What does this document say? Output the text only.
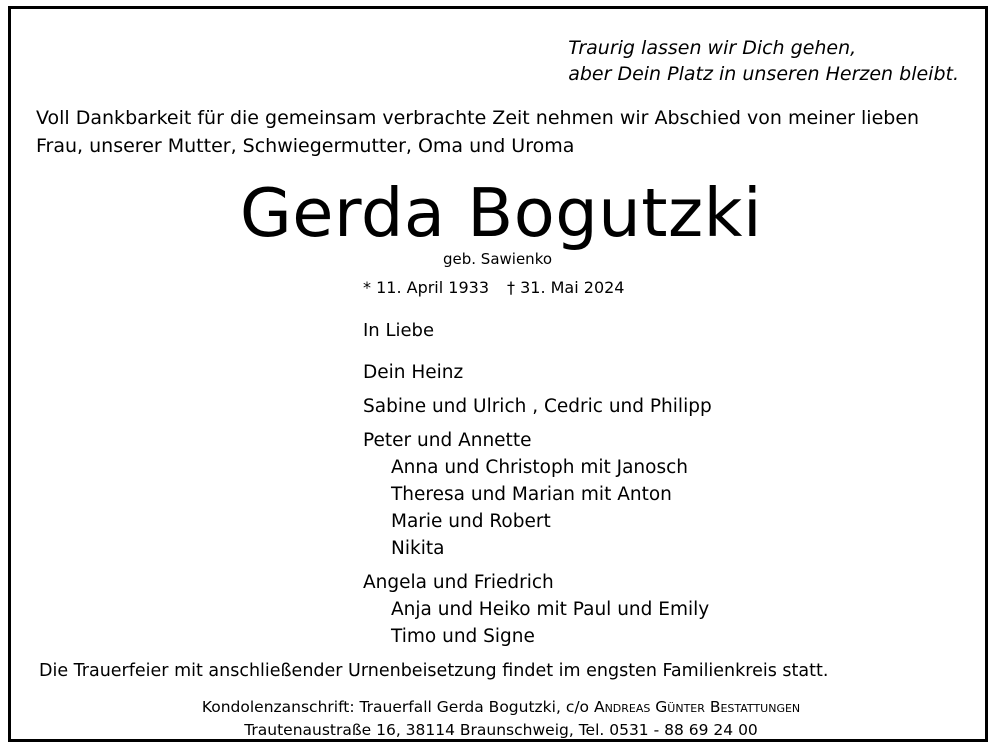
Traurig lassen wir Dich gehen,
aber Dein Platz in unseren Herzen bleibt.
Voll Dankbarkeit für die gemeinsam verbrachte Zeit nehmen wir Abschied von meiner lieben Frau, unserer Mutter, Schwiegermutter, Oma und Uroma
Gerda Bogutzki
geb. Sawienko
* 11. April 1933 † 31. Mai 2024
In Liebe
Dein Heinz
Sabine und Ulrich , Cedric und Philipp
Peter und Annette
Anna und Christoph mit Janosch
Theresa und Marian mit Anton
Marie und Robert
Nikita
Angela und Friedrich
Anja und Heiko mit Paul und Emily
Timo und Signe
Die Trauerfeier mit anschließender Urnenbeisetzung findet im engsten Familienkreis statt.
Kondolenzanschrift: Trauerfall Gerda Bogutzki, c/o Andreas Günter Bestattungen
Trautenaustraße 16, 38114 Braunschweig, Tel. 0531 - 88 69 24 00
